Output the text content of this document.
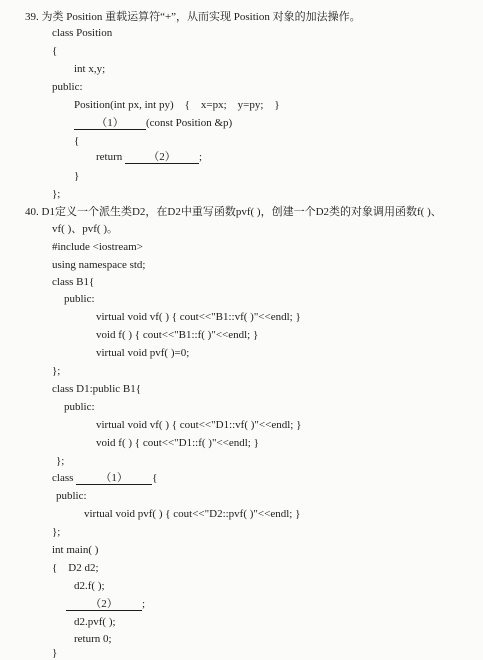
39. 为类 Position 重载运算符“+”，从而实现 Position 对象的加法操作。
class Position
{
int x,y;
public:
Position(int px, int py)    {    x=px;    y=py;    }
（1） (const Position &p)
{
return （2） ;
}
};
40. D1定义一个派生类D2，在D2中重写函数pvf( )，创建一个D2类的对象调用函数f( )、
vf( )、pvf( )。
#include <iostream>
using namespace std;
class B1{
public:
virtual void vf( ) { cout<<"B1::vf( )"<<endl; }
void f( ) { cout<<"B1::f( )"<<endl; }
virtual void pvf( )=0;
};
class D1:public B1{
public:
virtual void vf( ) { cout<<"D1::vf( )"<<endl; }
void f( ) { cout<<"D1::f( )"<<endl; }
};
class （1） {
public:
virtual void pvf( ) { cout<<"D2::pvf( )"<<endl; }
};
int main( )
{    D2 d2;
d2.f( );
（2） ;
d2.pvf( );
return 0;
}
